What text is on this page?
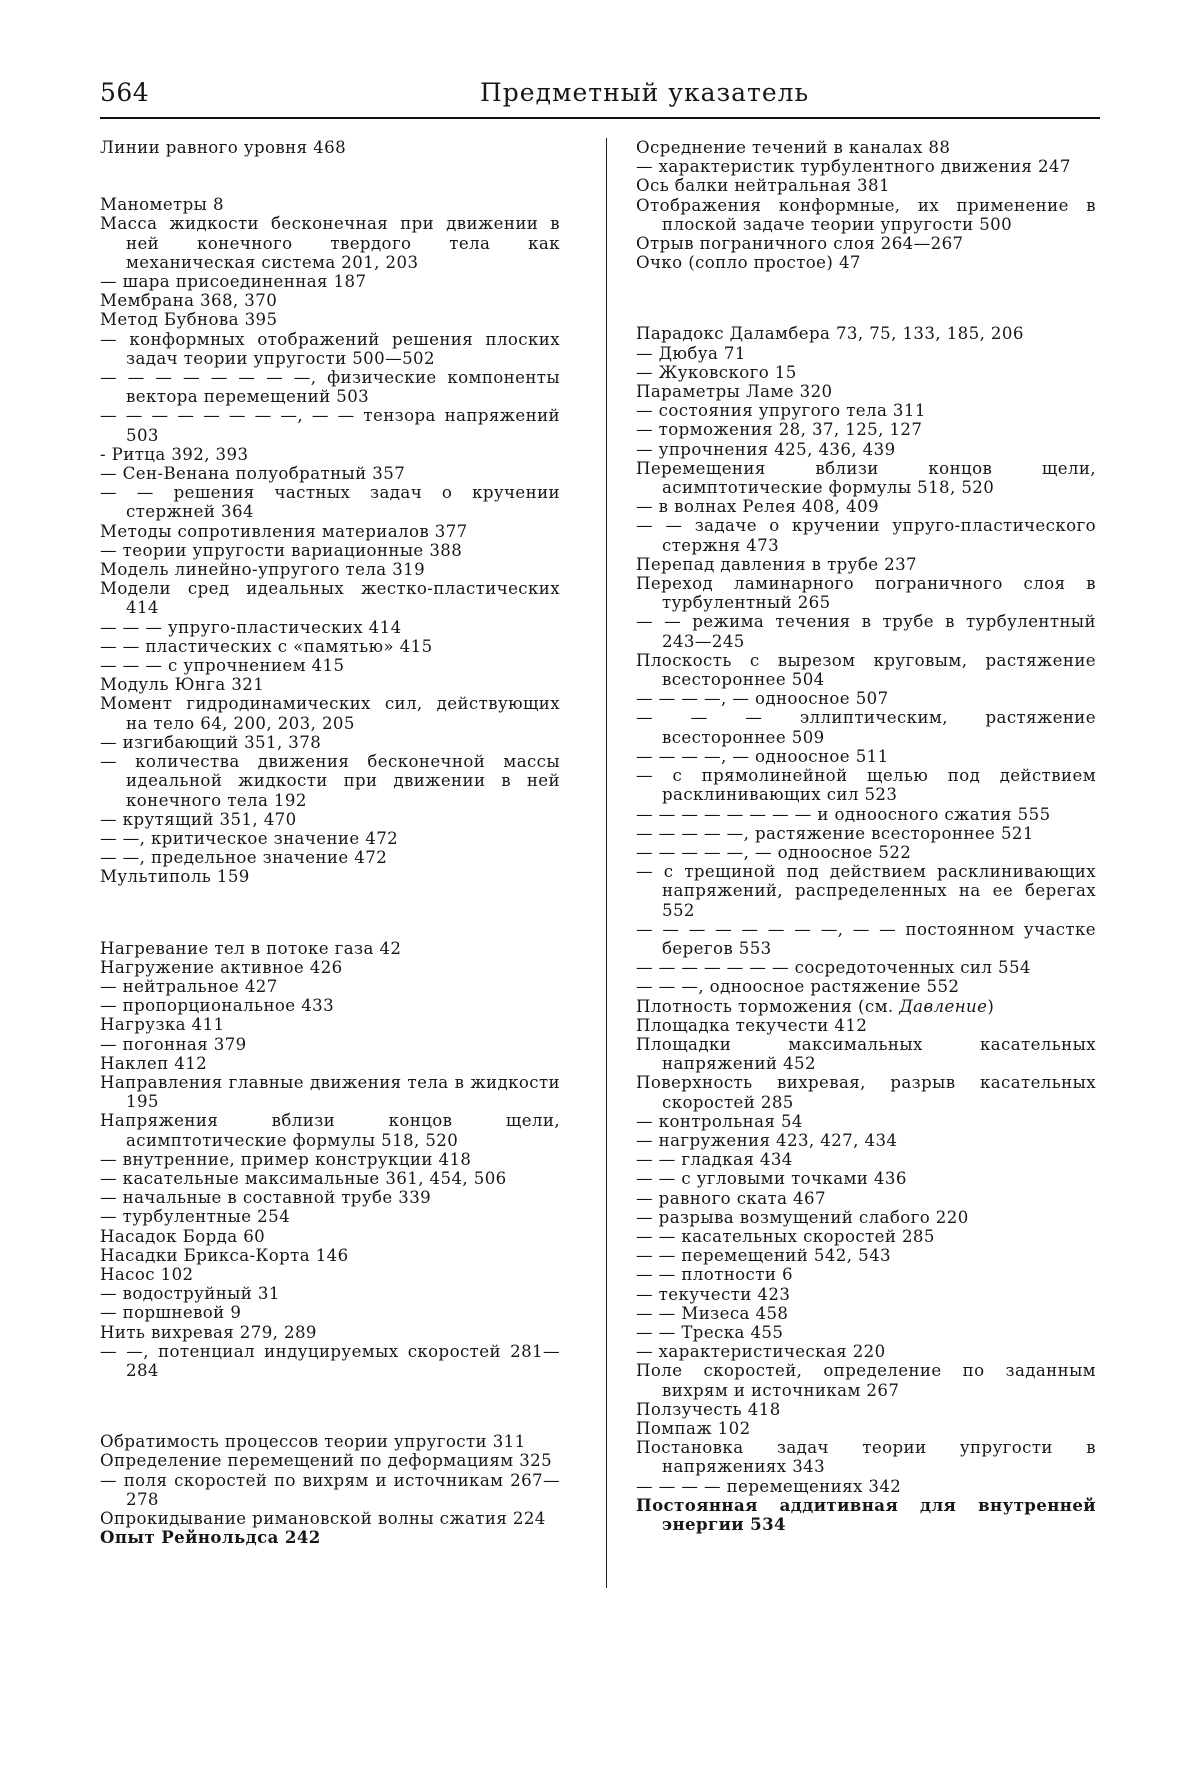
564	Предметный указатель

Линии равного уровня 468

Манометры 8

Масса жидкости бесконечная при движении в ней конечного твердого тела как механическая система 201, 203

— шара присоединенная 187

Мембрана 368, 370

Метод Бубнова 395

— конформных отображений решения плоских задач теории упругости 500—502

— — — — — — — —, физические компоненты вектора перемещений 503

— — — — — — — —, — — тензора напряжений 503

- Ритца 392, 393

— Сен-Венана полуобратный 357

— — решения частных задач о кручении стержней 364

Методы сопротивления материалов 377

— теории упругости вариационные 388

Модель линейно-упругого тела 319

Модели сред идеальных жестко-пластических 414

— — — упруго-пластических 414

— — пластических с «памятью» 415

— — — с упрочнением 415

Модуль Юнга 321

Момент гидродинамических сил, действующих на тело 64, 200, 203, 205

— изгибающий 351, 378

— количества движения бесконечной массы идеальной жидкости при движении в ней конечного тела 192

— крутящий 351, 470

— —, критическое значение 472

— —, предельное значение 472

Мультиполь 159

Нагревание тел в потоке газа 42

Нагружение активное 426

— нейтральное 427

— пропорциональное 433

Нагрузка 411

— погонная 379

Наклеп 412

Направления главные движения тела в жидкости 195

Напряжения вблизи концов щели, асимптотические формулы 518, 520

— внутренние, пример конструкции 418

— касательные максимальные 361, 454, 506

— начальные в составной трубе 339

— турбулентные 254

Насадок Борда 60

Насадки Брикса-Корта 146

Насос 102

— водоструйный 31

— поршневой 9

Нить вихревая 279, 289

— —, потенциал индуцируемых скоростей 281—284

Обратимость процессов теории упругости 311

Определение перемещений по деформациям 325

— поля скоростей по вихрям и источникам 267—278

Опрокидывание римановской волны сжатия 224

Опыт Рейнольдса 242

Осреднение течений в каналах 88

— характеристик турбулентного движения 247

Ось балки нейтральная 381

Отображения конформные, их применение в плоской задаче теории упругости 500

Отрыв пограничного слоя 264—267

Очко (сопло простое) 47

Парадокс Даламбера 73, 75, 133, 185, 206

— Дюбуа 71

— Жуковского 15

Параметры Ламе 320

— состояния упругого тела 311

— торможения 28, 37, 125, 127

— упрочнения 425, 436, 439

Перемещения вблизи концов щели, асимптотические формулы 518, 520

— в волнах Релея 408, 409

— — задаче о кручении упруго-пластического стержня 473

Перепад давления в трубе 237

Переход ламинарного пограничного слоя в турбулентный 265

— — режима течения в трубе в турбулентный 243—245

Плоскость с вырезом круговым, растяжение всестороннее 504

— — — —, — одноосное 507

— — — эллиптическим, растяжение всестороннее 509

— — — —, — одноосное 511

— с прямолинейной щелью под действием расклинивающих сил 523

— — — — — — — — и одноосного сжатия 555

— — — — —, растяжение всестороннее 521

— — — — —, — одноосное 522

— с трещиной под действием расклинивающих напряжений, распределенных на ее берегах 552

— — — — — — — —, — — постоянном участке берегов 553

— — — — — — — сосредоточенных сил 554

— — —, одноосное растяжение 552

Плотность торможения (см. Давление)

Площадка текучести 412

Площадки максимальных касательных напряжений 452

Поверхность вихревая, разрыв касательных скоростей 285

— контрольная 54

— нагружения 423, 427, 434

— — гладкая 434

— — с угловыми точками 436

— равного ската 467

— разрыва возмущений слабого 220

— — касательных скоростей 285

— — перемещений 542, 543

— — плотности 6

— текучести 423

— — Мизеса 458

— — Треска 455

— характеристическая 220

Поле скоростей, определение по заданным вихрям и источникам 267

Ползучесть 418

Помпаж 102

Постановка задач теории упругости в напряжениях 343

— — — — перемещениях 342

Постоянная аддитивная для внутренней энергии 534
